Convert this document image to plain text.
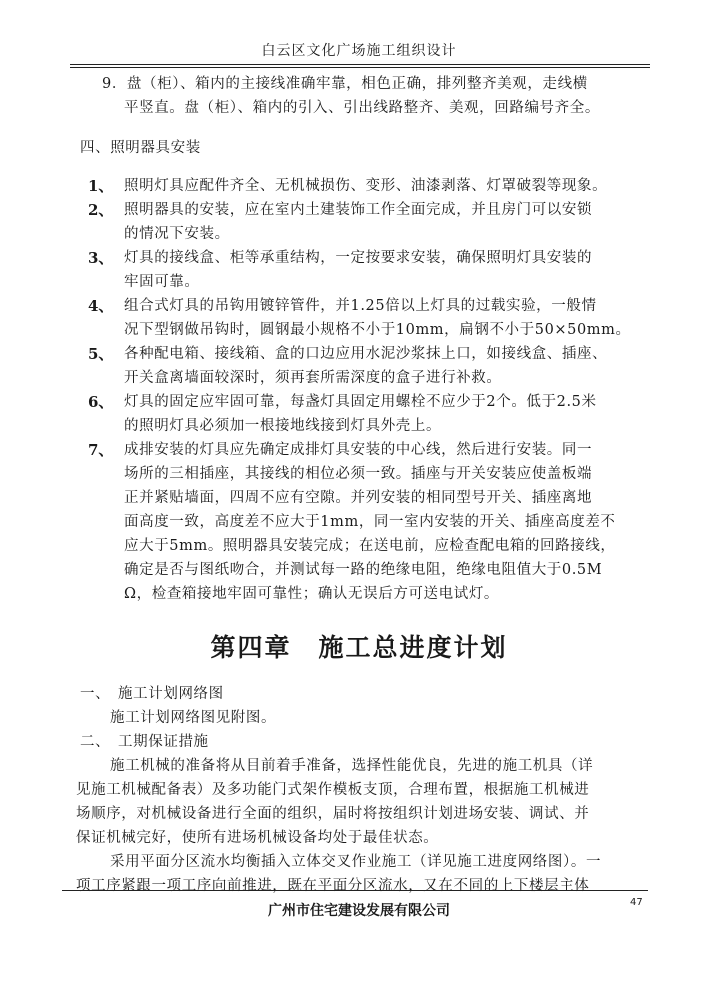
白云区文化广场施工组织设计
9．盘（柜）、箱内的主接线准确牢靠，相色正确，排列整齐美观，走线横
平竖直。盘（柜）、箱内的引入、引出线路整齐、美观，回路编号齐全。
四、照明器具安装
1、 照明灯具应配件齐全、无机械损伤、变形、油漆剥落、灯罩破裂等现象。
2、 照明器具的安装，应在室内土建装饰工作全面完成，并且房门可以安锁
的情况下安装。
3、 灯具的接线盒、柜等承重结构，一定按要求安装，确保照明灯具安装的
牢固可靠。
4、 组合式灯具的吊钩用镀锌管件，并1.25倍以上灯具的过载实验，一般情
况下型钢做吊钩时，圆钢最小规格不小于10mm，扁钢不小于50×50mm。
5、 各种配电箱、接线箱、盒的口边应用水泥沙浆抹上口，如接线盒、插座、
开关盒离墙面较深时，须再套所需深度的盒子进行补救。
6、 灯具的固定应牢固可靠，每盏灯具固定用螺栓不应少于2个。低于2.5米
的照明灯具必须加一根接地线接到灯具外壳上。
7、 成排安装的灯具应先确定成排灯具安装的中心线，然后进行安装。同一
场所的三相插座，其接线的相位必须一致。插座与开关安装应使盖板端
正并紧贴墙面，四周不应有空隙。并列安装的相同型号开关、插座离地
面高度一致，高度差不应大于1mm，同一室内安装的开关、插座高度差不
应大于5mm。照明器具安装完成；在送电前，应检查配电箱的回路接线，
确定是否与图纸吻合，并测试每一路的绝缘电阻，绝缘电阻值大于0.5M
Ω，检查箱接地牢固可靠性；确认无误后方可送电试灯。
第四章　施工总进度计划
一、　施工计划网络图
施工计划网络图见附图。
二、　工期保证措施
施工机械的准备将从目前着手准备，选择性能优良，先进的施工机具（详
见施工机械配备表）及多功能门式架作模板支顶，合理布置，根据施工机械进
场顺序，对机械设备进行全面的组织，届时将按组织计划进场安装、调试、并
保证机械完好，使所有进场机械设备均处于最佳状态。
采用平面分区流水均衡插入立体交叉作业施工（详见施工进度网络图）。一
项工序紧跟一项工序向前推进，既在平面分区流水，又在不同的上下楼层主体
广州市住宅建设发展有限公司
47
